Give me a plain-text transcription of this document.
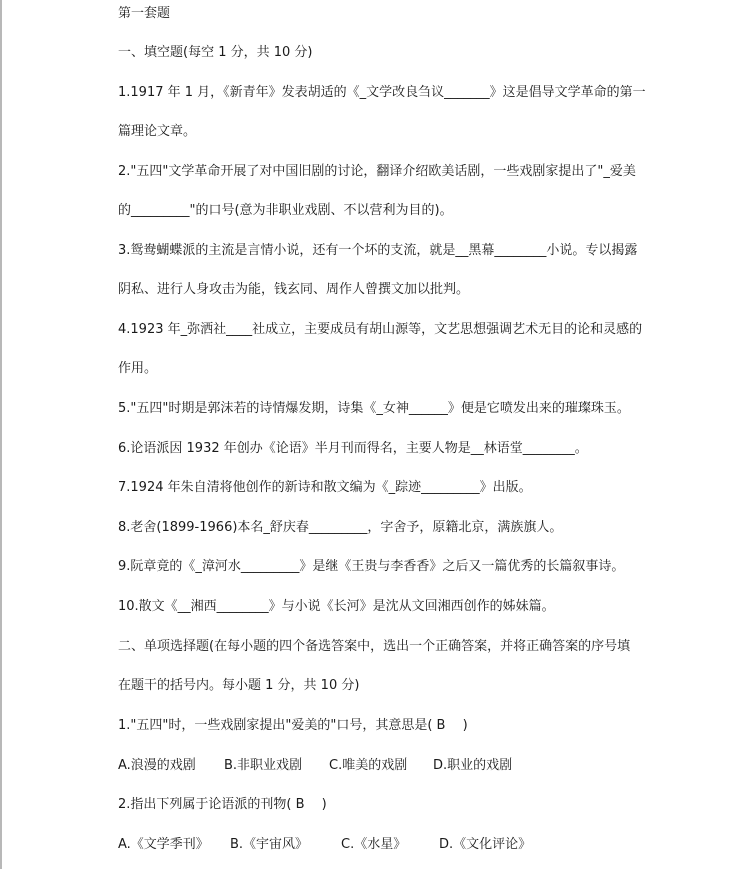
第一套题
一、填空题(每空 1 分，共 10 分)
1.1917 年 1 月，《新青年》发表胡适的《_文学改良刍议_______》这是倡导文学革命的第一
篇理论文章。
2."五四"文学革命开展了对中国旧剧的讨论，翻译介绍欧美话剧，一些戏剧家提出了"_爱美
的_________"的口号(意为非职业戏剧、不以营利为目的)。
3.鸳鸯蝴蝶派的主流是言情小说，还有一个坏的支流，就是__黑幕________小说。专以揭露
阴私、进行人身攻击为能，钱玄同、周作人曾撰文加以批判。
4.1923 年_弥洒社____社成立，主要成员有胡山源等，文艺思想强调艺术无目的论和灵感的
作用。
5."五四"时期是郭沫若的诗情爆发期，诗集《_女神______》便是它喷发出来的璀璨珠玉。
6.论语派因 1932 年创办《论语》半月刊而得名，主要人物是__林语堂________。
7.1924 年朱自清将他创作的新诗和散文编为《_踪迹_________》出版。
8.老舍(1899-1966)本名_舒庆春_________，字舍予，原籍北京，满族旗人。
9.阮章竟的《_漳河水_________》是继《王贵与李香香》之后又一篇优秀的长篇叙事诗。
10.散文《__湘西________》与小说《长河》是沈从文回湘西创作的姊妹篇。
二、单项选择题(在每小题的四个备选答案中，选出一个正确答案，并将正确答案的序号填
在题干的括号内。每小题 1 分，共 10 分)
1."五四"时，一些戏剧家提出"爱美的"口号，其意思是( B　 )
A.浪漫的戏剧 B.非职业戏剧 C.唯美的戏剧 D.职业的戏剧
2.指出下列属于论语派的刊物( B　 )
A.《文学季刊》 B.《宇宙风》	C.《水星》	D.《文化评论》
